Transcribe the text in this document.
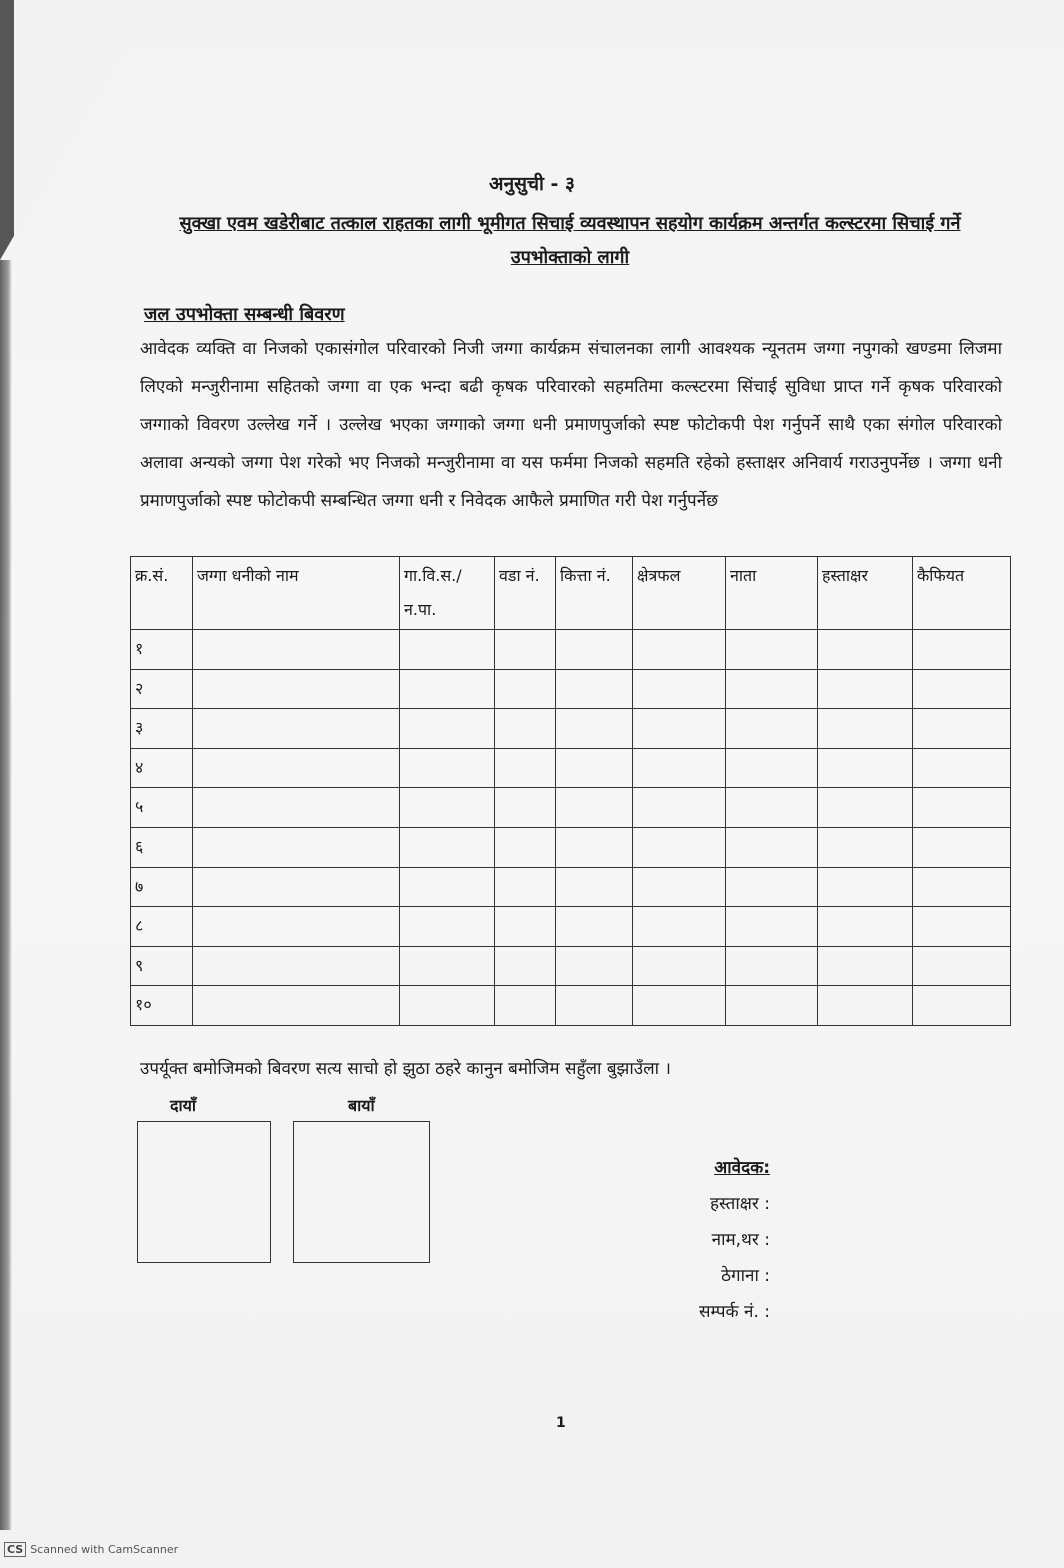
अनुसुची - ३
सुक्खा एवम खडेरीबाट तत्काल राहतका लागी भूमीगत सिचाई व्यवस्थापन सहयोग कार्यक्रम अन्तर्गत कल्स्टरमा सिचाई गर्ने उपभोक्ताको लागी
जल उपभोक्ता सम्बन्धी बिवरण
आवेदक व्यक्ति वा निजको एकासंगोल परिवारको निजी जग्गा कार्यक्रम संचालनका लागी आवश्यक न्यूनतम जग्गा नपुगको खण्डमा लिजमा लिएको मन्जुरीनामा सहितको जग्गा वा एक भन्दा बढी कृषक परिवारको सहमतिमा कल्स्टरमा सिंचाई सुविधा प्राप्त गर्ने कृषक परिवारको जग्गाको विवरण उल्लेख गर्ने । उल्लेख भएका जग्गाको जग्गा धनी प्रमाणपुर्जाको स्पष्ट फोटोकपी पेश गर्नुपर्ने साथै एका संगोल परिवारको अलावा अन्यको जग्गा पेश गरेको भए निजको मन्जुरीनामा वा यस फर्ममा निजको सहमति रहेको हस्ताक्षर अनिवार्य गराउनुपर्नेछ । जग्गा धनी प्रमाणपुर्जाको स्पष्ट फोटोकपी सम्बन्धित जग्गा धनी र निवेदक आफैले प्रमाणित गरी पेश गर्नुपर्नेछ
क्र.सं.	जग्गा धनीको नाम	गा.वि.स./ न.पा.	वडा नं.	कित्ता नं.	क्षेत्रफल	नाता	हस्ताक्षर	कैफियत
१								
२								
३								
४								
५								
६								
७								
८								
९								
१०								
उपर्यूक्त बमोजिमको बिवरण सत्य साचो हो झुठा ठहरे कानुन बमोजिम सहुँला बुझाउँला ।
दायाँ	बायाँ
आवेदक:
हस्ताक्षर :
नाम,थर :
ठेगाना :
सम्पर्क नं. :
1
CS Scanned with CamScanner
